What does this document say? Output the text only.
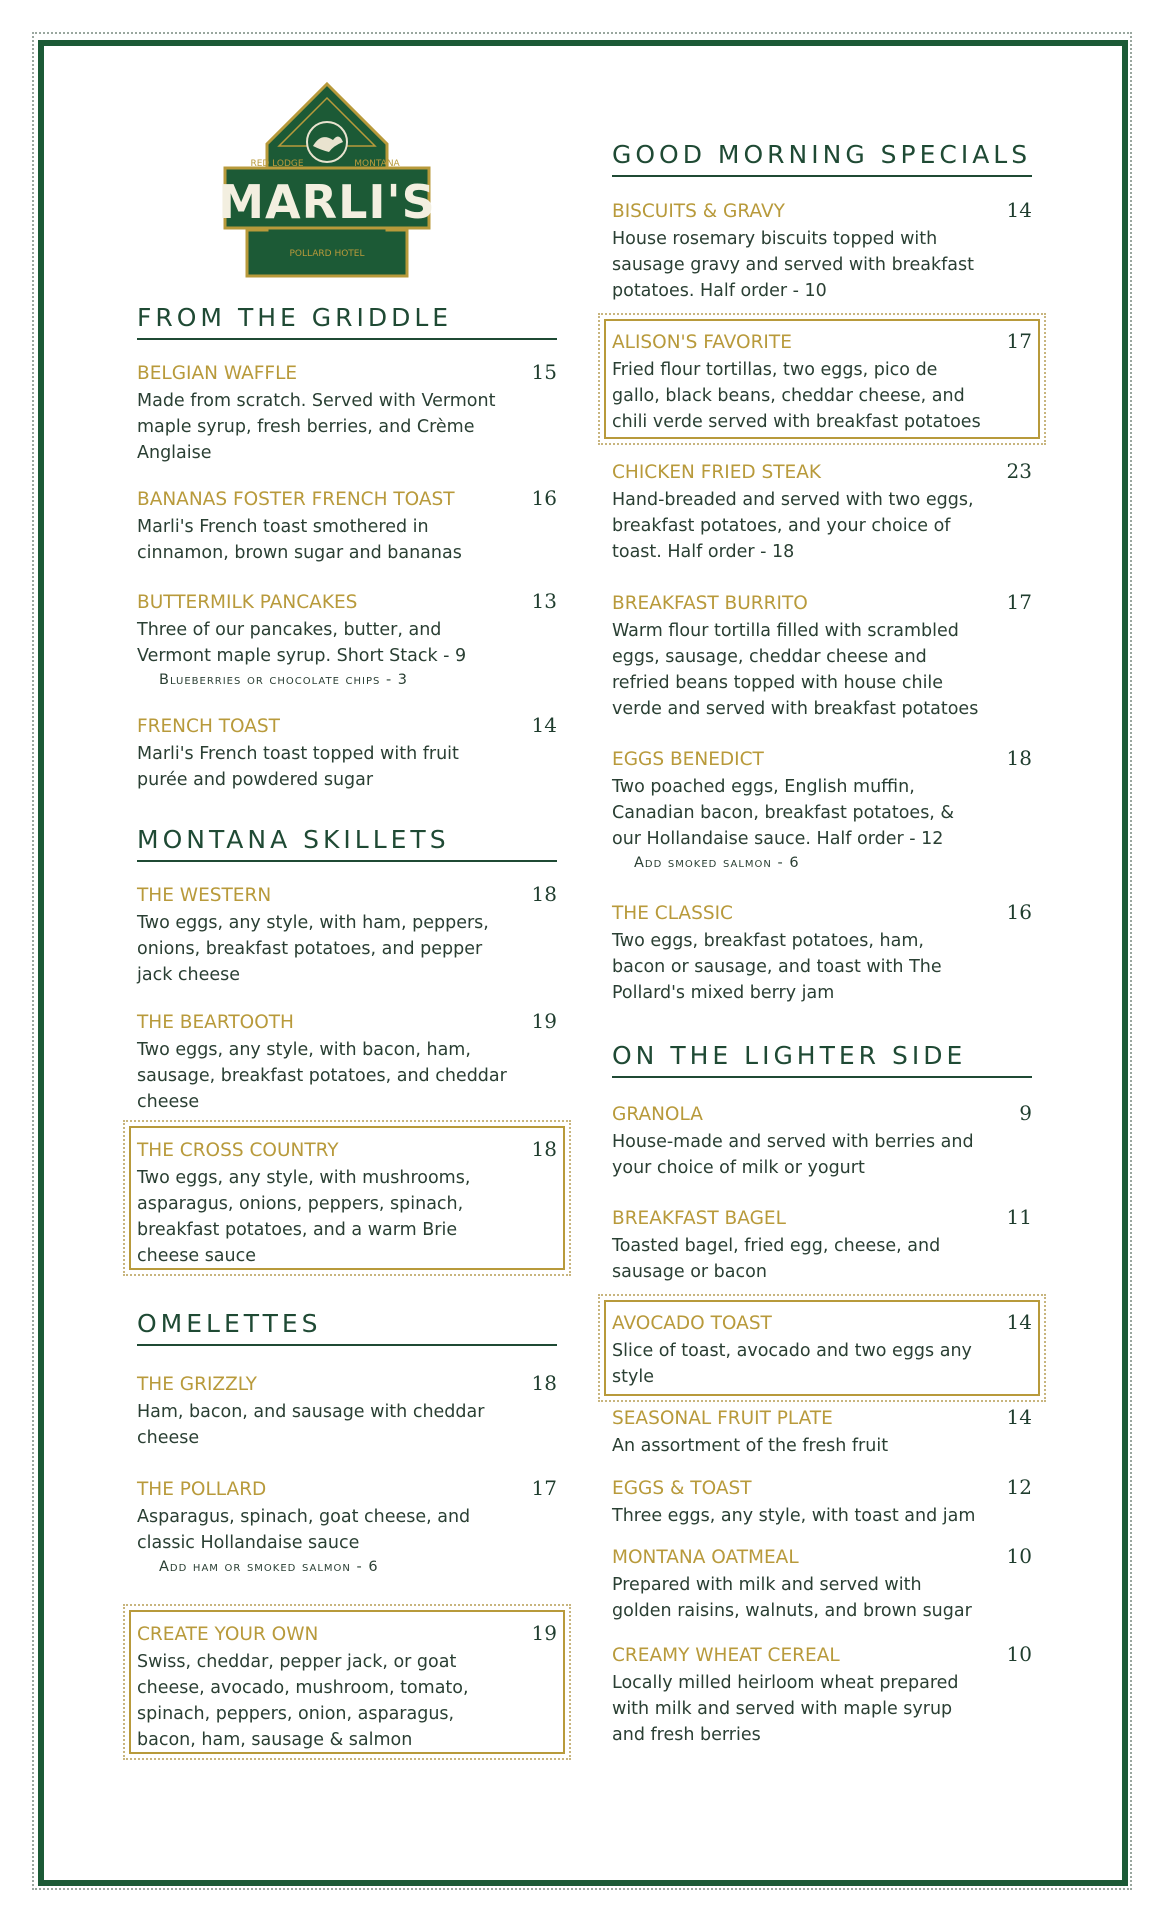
RED LODGE	MONTANA
MARLI'S
POLLARD HOTEL
FROM THE GRIDDLE
BELGIAN WAFFLE	15
Made from scratch. Served with Vermont maple syrup, fresh berries, and Crème Anglaise
BANANAS FOSTER FRENCH TOAST	16
Marli's French toast smothered in cinnamon, brown sugar and bananas
BUTTERMILK PANCAKES	13
Three of our pancakes, butter, and Vermont maple syrup. Short Stack - 9
Blueberries or chocolate chips - 3
FRENCH TOAST	14
Marli's French toast topped with fruit purée and powdered sugar
MONTANA SKILLETS
THE WESTERN	18
Two eggs, any style, with ham, peppers, onions, breakfast potatoes, and pepper jack cheese
THE BEARTOOTH	19
Two eggs, any style, with bacon, ham, sausage, breakfast potatoes, and cheddar cheese
THE CROSS COUNTRY	18
Two eggs, any style, with mushrooms, asparagus, onions, peppers, spinach, breakfast potatoes, and a warm Brie cheese sauce
OMELETTES
THE GRIZZLY	18
Ham, bacon, and sausage with cheddar cheese
THE POLLARD	17
Asparagus, spinach, goat cheese, and classic Hollandaise sauce
Add ham or smoked salmon - 6
CREATE YOUR OWN	19
Swiss, cheddar, pepper jack, or goat cheese, avocado, mushroom, tomato, spinach, peppers, onion, asparagus, bacon, ham, sausage & salmon
GOOD MORNING SPECIALS
BISCUITS & GRAVY	14
House rosemary biscuits topped with sausage gravy and served with breakfast potatoes. Half order - 10
ALISON'S FAVORITE	17
Fried flour tortillas, two eggs, pico de gallo, black beans, cheddar cheese, and chili verde served with breakfast potatoes
CHICKEN FRIED STEAK	23
Hand-breaded and served with two eggs, breakfast potatoes, and your choice of toast. Half order - 18
BREAKFAST BURRITO	17
Warm flour tortilla filled with scrambled eggs, sausage, cheddar cheese and refried beans topped with house chile verde and served with breakfast potatoes
EGGS BENEDICT	18
Two poached eggs, English muffin, Canadian bacon, breakfast potatoes, & our Hollandaise sauce. Half order - 12
Add smoked salmon - 6
THE CLASSIC	16
Two eggs, breakfast potatoes, ham, bacon or sausage, and toast with The Pollard's mixed berry jam
ON THE LIGHTER SIDE
GRANOLA	9
House-made and served with berries and your choice of milk or yogurt
BREAKFAST BAGEL	11
Toasted bagel, fried egg, cheese, and sausage or bacon
AVOCADO TOAST	14
Slice of toast, avocado and two eggs any style
SEASONAL FRUIT PLATE	14
An assortment of the fresh fruit
EGGS & TOAST	12
Three eggs, any style, with toast and jam
MONTANA OATMEAL	10
Prepared with milk and served with golden raisins, walnuts, and brown sugar
CREAMY WHEAT CEREAL	10
Locally milled heirloom wheat prepared with milk and served with maple syrup and fresh berries
